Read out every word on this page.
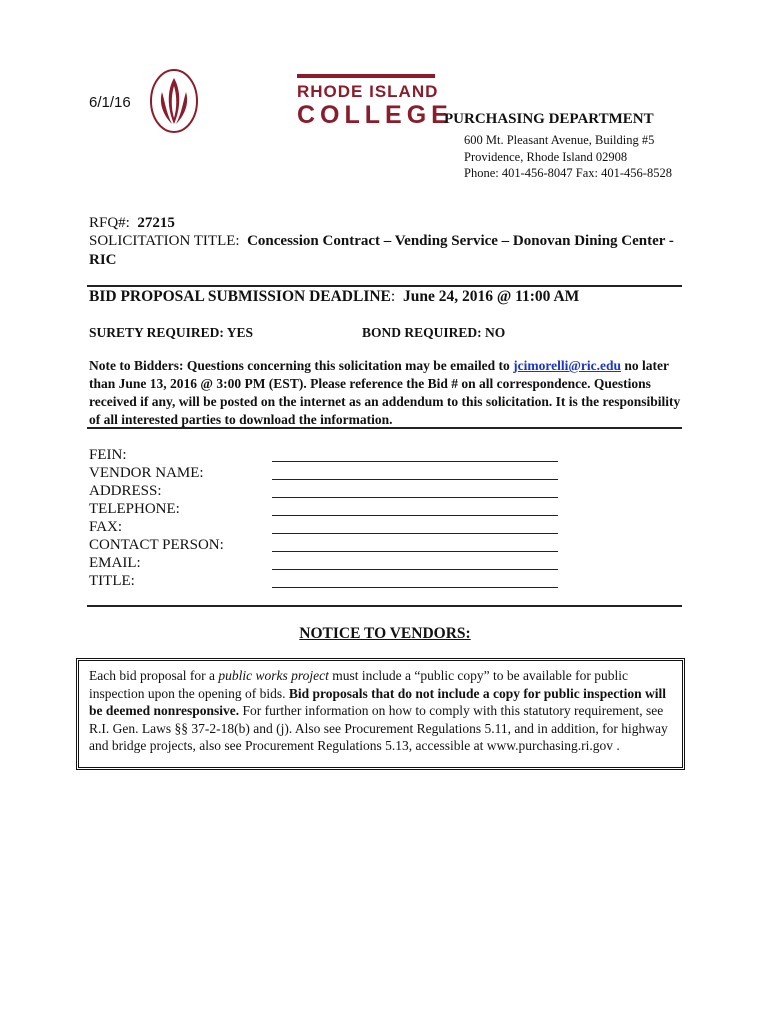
6/1/16
RHODE ISLAND
COLLEGE
PURCHASING DEPARTMENT
600 Mt. Pleasant Avenue, Building #5
Providence, Rhode Island 02908
Phone: 401-456-8047 Fax: 401-456-8528
RFQ#: 27215
SOLICITATION TITLE: Concession Contract – Vending Service – Donovan Dining Center -RIC
BID PROPOSAL SUBMISSION DEADLINE: June 24, 2016 @ 11:00 AM
SURETY REQUIRED: YES	BOND REQUIRED: NO
Note to Bidders: Questions concerning this solicitation may be emailed to jcimorelli@ric.edu no later than June 13, 2016 @ 3:00 PM (EST). Please reference the Bid # on all correspondence. Questions received if any, will be posted on the internet as an addendum to this solicitation. It is the responsibility of all interested parties to download the information.
FEIN:
VENDOR NAME:
ADDRESS:
TELEPHONE:
FAX:
CONTACT PERSON:
EMAIL:
TITLE:
NOTICE TO VENDORS:
Each bid proposal for a public works project must include a “public copy” to be available for public inspection upon the opening of bids. Bid proposals that do not include a copy for public inspection will be deemed nonresponsive. For further information on how to comply with this statutory requirement, see R.I. Gen. Laws §§ 37-2-18(b) and (j). Also see Procurement Regulations 5.11, and in addition, for highway and bridge projects, also see Procurement Regulations 5.13, accessible at www.purchasing.ri.gov .
